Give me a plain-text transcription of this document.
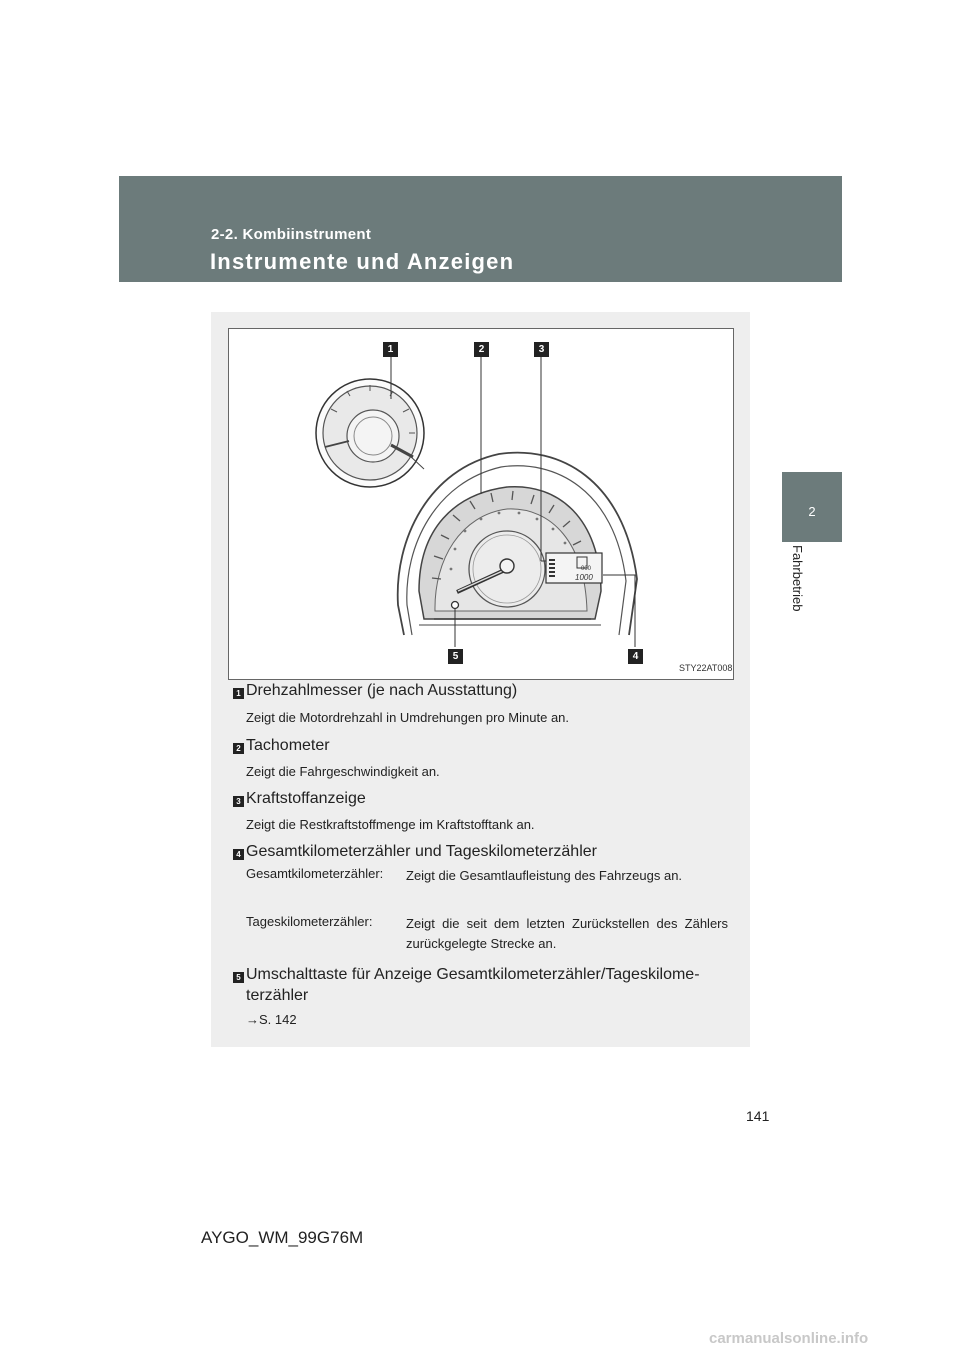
2-2. Kombiinstrument
Instrumente und Anzeigen
2
Fahrbetrieb
000
1000
1	2	3
4
5
STY22AT008
1 Drehzahlmesser (je nach Ausstattung)
Zeigt die Motordrehzahl in Umdrehungen pro Minute an.
2 Tachometer
Zeigt die Fahrgeschwindigkeit an.
3 Kraftstoffanzeige
Zeigt die Restkraftstoffmenge im Kraftstofftank an.
4 Gesamtkilometerzähler und Tageskilometerzähler
Gesamtkilometerzähler: Zeigt die Gesamtlaufleistung des Fahrzeugs an.
Tageskilometerzähler:	Zeigt die seit dem letzten Zurückstellen des Zählers zurückgelegte Strecke an.
5 Umschalttaste für Anzeige Gesamtkilometerzähler/Tageskilome-
terzähler
→S. 142
141
AYGO_WM_99G76M
carmanualsonline.info
